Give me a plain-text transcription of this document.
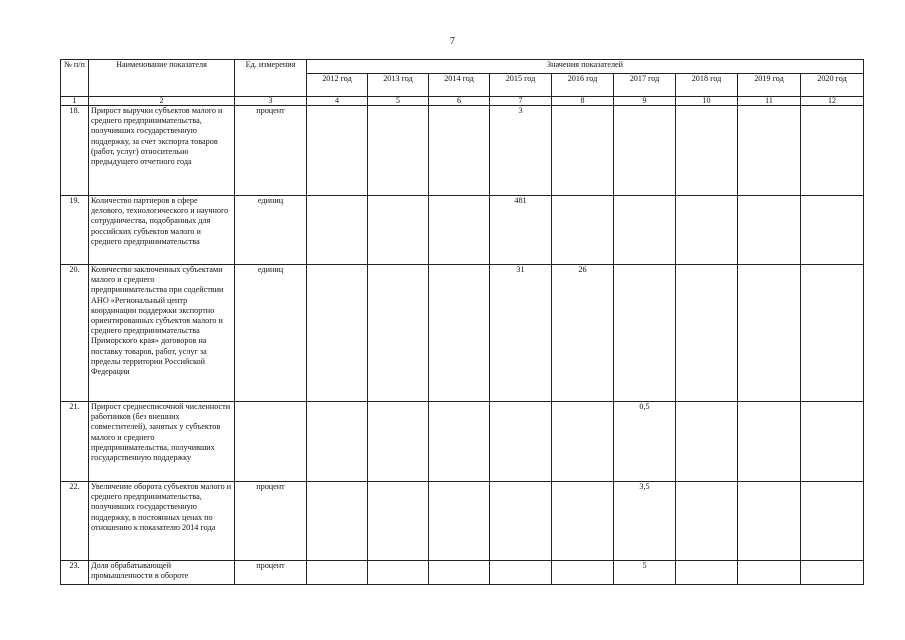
7
№ п/п	Наименование показателя	Ед. измерения	Значения показателей								
			2012 год	2013 год	2014 год	2015 год	2016 год	2017 год	2018 год	2019 год	2020 год
1	2	3	4	5	6	7	8	9	10	11	12
18.	Прирост выручки субъектов малого и среднего предпринимательства, получивших государственную поддержку, за счет экспорта товаров (работ, услуг) относительно предыдущего отчетного года	процент				3					
19.	Количество партнеров в сфере делового, технологического и научного сотрудничества, подобранных для российских субъектов малого и среднего предпринимательства	единиц				481					
20.	Количество заключенных субъектами малого и среднего предпринимательства при содействии АНО «Региональный центр координации поддержки экспортно ориентированных субъектов малого и среднего предпринимательства Приморского края» договоров на поставку товаров, работ, услуг за пределы территории Российской Федерации	единиц				31	26				
21.	Прирост среднесписочной численности работников (без внешних совместителей), занятых у субъектов малого и среднего предпринимательства, получивших государственную поддержку							0,5			
22.	Увеличение оборота субъектов малого и среднего предпринимательства, получивших государственную поддержку, в постоянных ценах по отношению к показателю 2014 года	процент						3,5			
23.	Доля обрабатывающей промышленности в обороте	процент						5			
